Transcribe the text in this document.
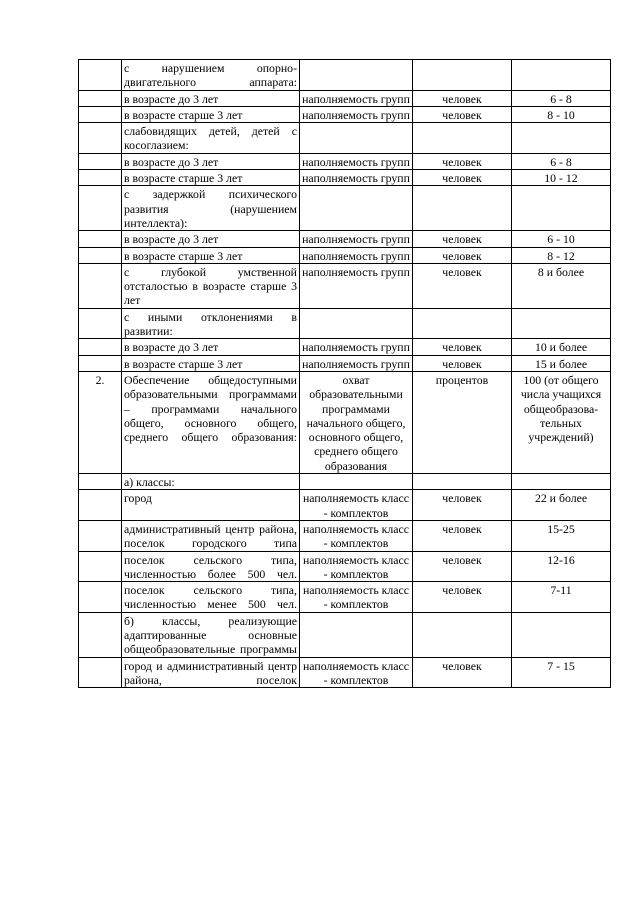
	с нарушением опорно-двигательного аппарата:			
	в возрасте до 3 лет	наполняемость групп	человек	6 - 8
	в возрасте старше 3 лет	наполняемость групп	человек	8 - 10
	слабовидящих детей, детей с косоглазием:			
	в возрасте до 3 лет	наполняемость групп	человек	6 - 8
	в возрасте старше 3 лет	наполняемость групп	человек	10 - 12
	с задержкой психического развития (нарушением интеллекта):			
	в возрасте до 3 лет	наполняемость групп	человек	6 - 10
	в возрасте старше 3 лет	наполняемость групп	человек	8 - 12
	с глубокой умственной отсталостью в возрасте старше 3 лет	наполняемость групп	человек	8 и более
	с иными отклонениями в развитии:			
	в возрасте до 3 лет	наполняемость групп	человек	10 и более
	в возрасте старше 3 лет	наполняемость групп	человек	15 и более
2.	Обеспечение общедоступными образовательными программами – программами начального общего, основного общего, среднего общего образования:	охват образовательными программами начального общего, основного общего, среднего общего образования	процентов	100 (от общего числа учащихся общеобразова-тельных учреждений)
	а) классы:			
	город	наполняемость класс - комплектов	человек	22 и более
	административный центр района, поселок городского типа	наполняемость класс - комплектов	человек	15-25
	поселок сельского типа, численностью более 500 чел.	наполняемость класс - комплектов	человек	12-16
	поселок сельского типа, численностью менее 500 чел.	наполняемость класс - комплектов	человек	7-11
	б) классы, реализующие адаптированные основные общеобразовательные программы			
	город и административный центр района, поселок	наполняемость класс - комплектов	человек	7 - 15
